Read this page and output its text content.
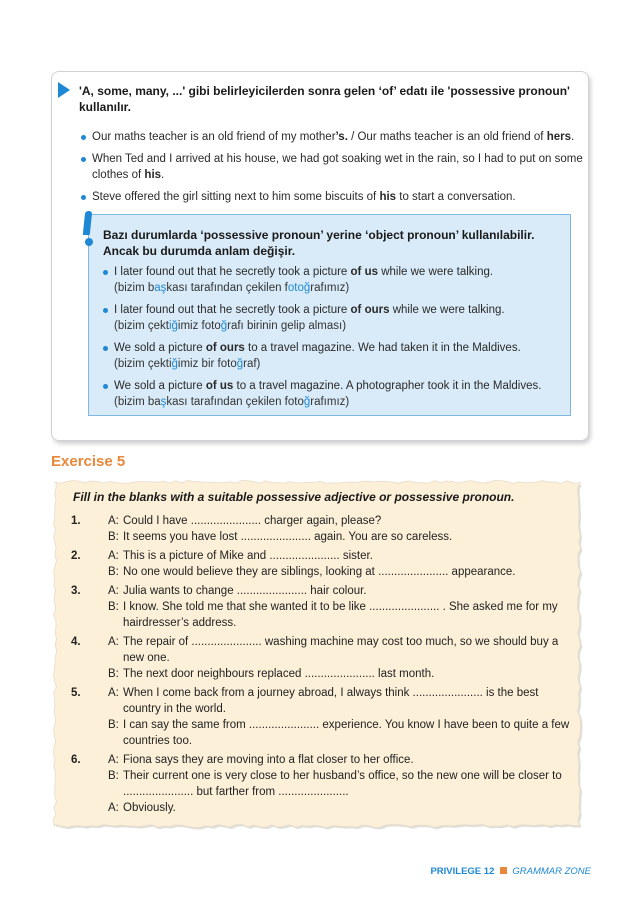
'A, some, many, ...' gibi belirleyicilerden sonra gelen ‘of’ edatı ile 'possessive pronoun' kullanılır.
Our maths teacher is an old friend of my mother’s. / Our maths teacher is an old friend of hers.
When Ted and I arrived at his house, we had got soaking wet in the rain, so I had to put on some clothes of his.
Steve offered the girl sitting next to him some biscuits of his to start a conversation.
Bazı durumlarda ‘possessive pronoun’ yerine ‘object pronoun’ kullanılabilir. Ancak bu durumda anlam değişir.
I later found out that he secretly took a picture of us while we were talking.
(bizim başkası tarafından çekilen fotoğrafımız)
I later found out that he secretly took a picture of ours while we were talking.
(bizim çektiğimiz fotoğrafı birinin gelip alması)
We sold a picture of ours to a travel magazine. We had taken it in the Maldives.
(bizim çektiğimiz bir fotoğraf)
We sold a picture of us to a travel magazine. A photographer took it in the Maldives.
(bizim başkası tarafından çekilen fotoğrafımız)
Exercise 5
Fill in the blanks with a suitable possessive adjective or possessive pronoun.
1.	A: Could I have ...................... charger again, please?
B: It seems you have lost ...................... again. You are so careless.
2.	A: This is a picture of Mike and ...................... sister.
B: No one would believe they are siblings, looking at ...................... appearance.
3.	A: Julia wants to change ...................... hair colour.
B: I know. She told me that she wanted it to be like ...................... . She asked me for my hairdresser’s address.
4.	A: The repair of ...................... washing machine may cost too much, so we should buy a new one.
B: The next door neighbours replaced ...................... last month.
5.	A: When I come back from a journey abroad, I always think ...................... is the best country in the world.
B: I can say the same from ...................... experience. You know I have been to quite a few countries too.
6.	A: Fiona says they are moving into a flat closer to her office.
B: Their current one is very close to her husband’s office, so the new one will be closer to ...................... but farther from ......................
A: Obviously.
PRIVILEGE 12 GRAMMAR ZONE
